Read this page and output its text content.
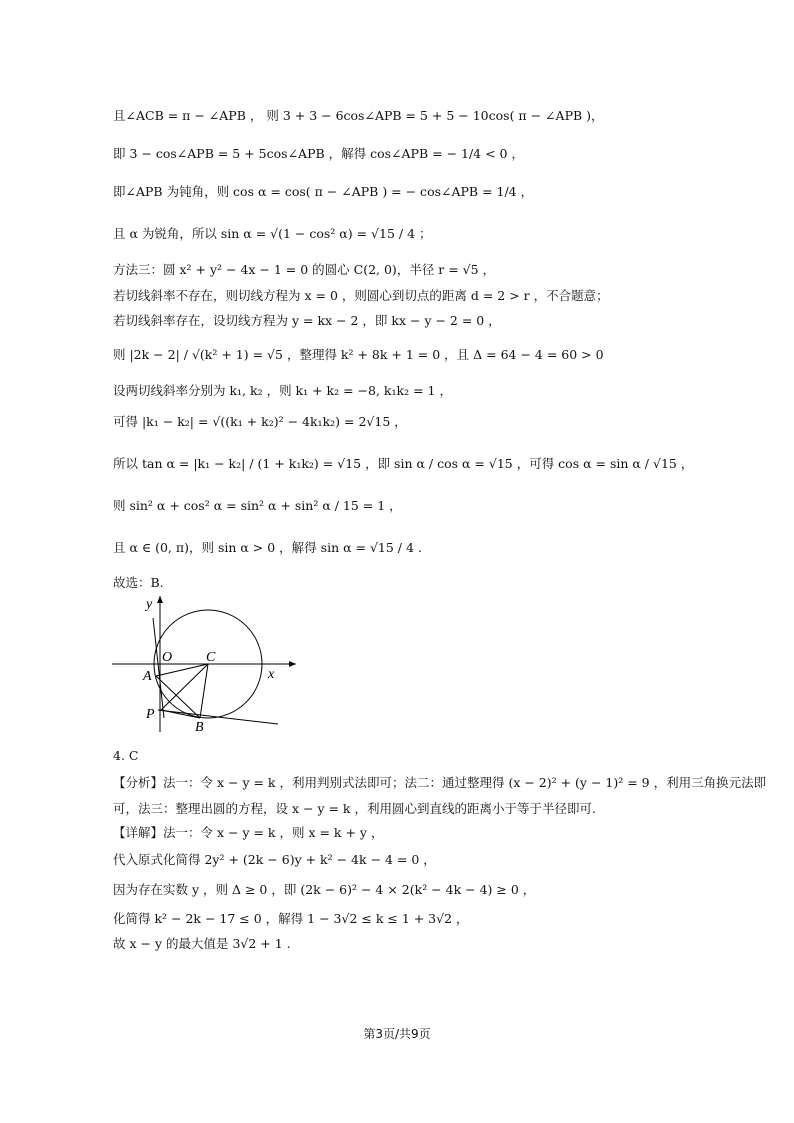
且∠ACB = π − ∠APB ， 则 3 + 3 − 6cos∠APB = 5 + 5 − 10cos( π − ∠APB )，
即 3 − cos∠APB = 5 + 5cos∠APB ，解得 cos∠APB = − 1/4 < 0 ，
即∠APB 为钝角，则 cos α = cos( π − ∠APB ) = − cos∠APB = 1/4 ，
且 α 为锐角，所以 sin α = √(1 − cos² α) = √15 / 4 ；
方法三：圆 x² + y² − 4x − 1 = 0 的圆心 C(2, 0)，半径 r = √5 ，
若切线斜率不存在，则切线方程为 x = 0 ，则圆心到切点的距离 d = 2 > r ，不合题意；
若切线斜率存在，设切线方程为 y = kx − 2 ，即 kx − y − 2 = 0 ，
则 |2k − 2| / √(k² + 1) = √5 ，整理得 k² + 8k + 1 = 0 ，且 Δ = 64 − 4 = 60 > 0
设两切线斜率分别为 k₁, k₂ ，则 k₁ + k₂ = −8, k₁k₂ = 1 ，
可得 |k₁ − k₂| = √((k₁ + k₂)² − 4k₁k₂) = 2√15 ，
所以 tan α = |k₁ − k₂| / (1 + k₁k₂) = √15 ，即 sin α / cos α = √15 ，可得 cos α = sin α / √15 ，
则 sin² α + cos² α = sin² α + sin² α / 15 = 1 ，
且 α ∈ (0, π)，则 sin α > 0 ，解得 sin α = √15 / 4 .
故选：B.
y
x
O C
A
P
B
4. C
【分析】法一：令 x − y = k ，利用判别式法即可；法二：通过整理得 (x − 2)² + (y − 1)² = 9 ，利用三角换元法即
可，法三：整理出圆的方程，设 x − y = k ，利用圆心到直线的距离小于等于半径即可.
【详解】法一：令 x − y = k ，则 x = k + y ，
代入原式化简得 2y² + (2k − 6)y + k² − 4k − 4 = 0 ，
因为存在实数 y ，则 Δ ≥ 0 ，即 (2k − 6)² − 4 × 2(k² − 4k − 4) ≥ 0 ，
化简得 k² − 2k − 17 ≤ 0 ，解得 1 − 3√2 ≤ k ≤ 1 + 3√2 ，
故 x − y 的最大值是 3√2 + 1 .
第3页/共9页
